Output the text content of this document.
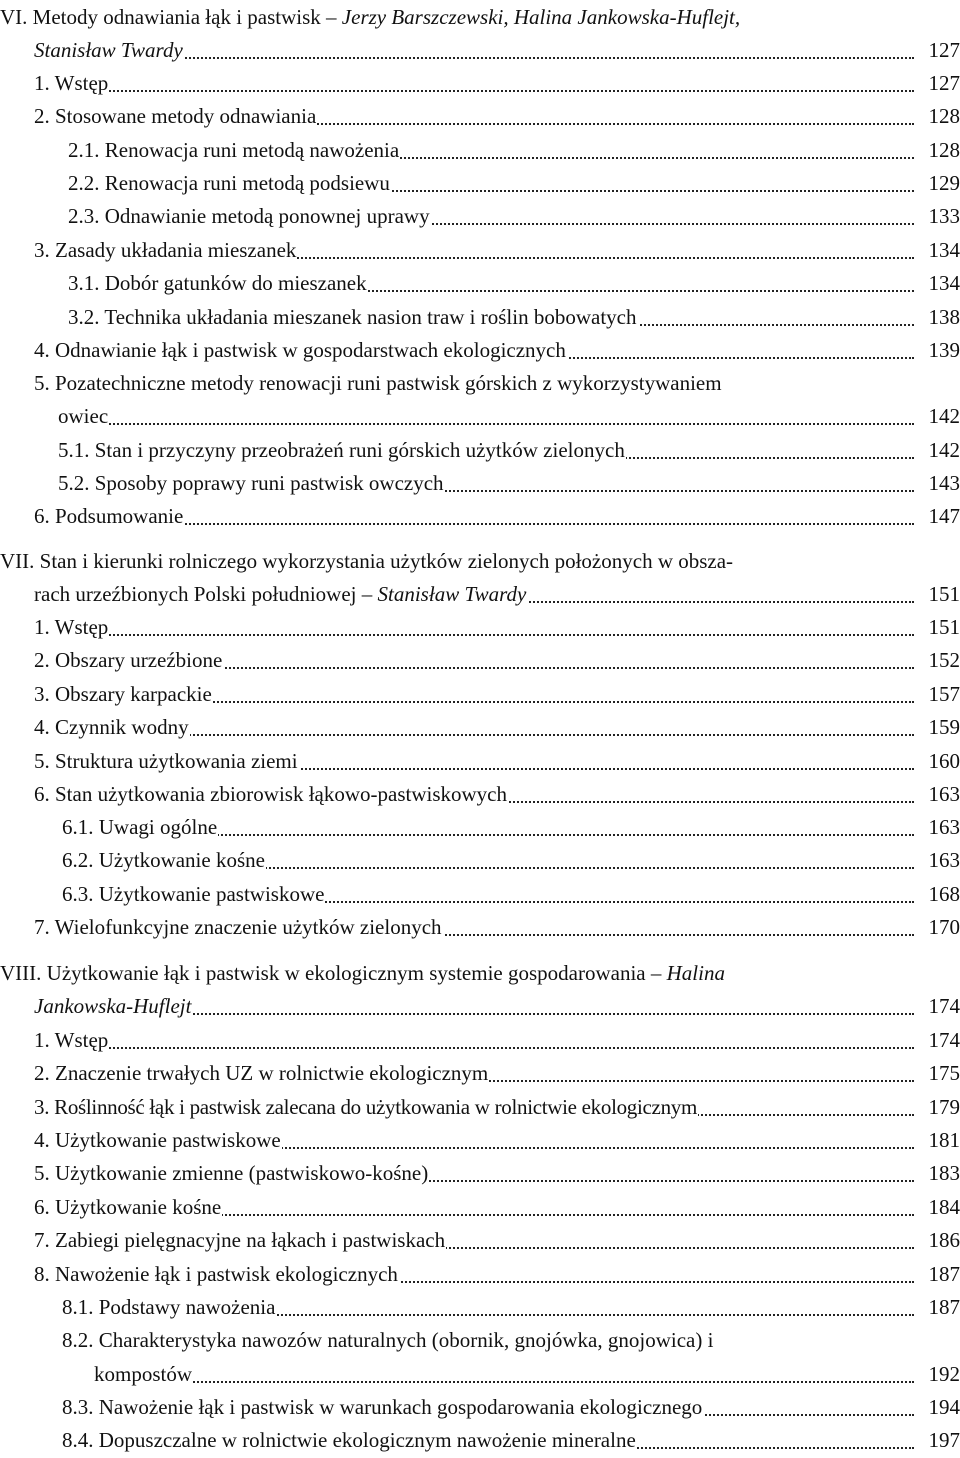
VI. Metody odnawiania łąk i pastwisk – Jerzy Barszczewski, Halina Jankowska-Huflejt,
Stanisław Twardy	127
1. Wstęp	127
2. Stosowane metody odnawiania	128
2.1. Renowacja runi metodą nawożenia	128
2.2. Renowacja runi metodą podsiewu	129
2.3. Odnawianie metodą ponownej uprawy	133
3. Zasady układania mieszanek	134
3.1. Dobór gatunków do mieszanek	134
3.2. Technika układania mieszanek nasion traw i roślin bobowatych	138
4. Odnawianie łąk i pastwisk w gospodarstwach ekologicznych	139
5. Pozatechniczne metody renowacji runi pastwisk górskich z wykorzystywaniem
owiec	142
5.1. Stan i przyczyny przeobrażeń runi górskich użytków zielonych	142
5.2. Sposoby poprawy runi pastwisk owczych	143
6. Podsumowanie	147
VII. Stan i kierunki rolniczego wykorzystania użytków zielonych położonych w obsza-
rach urzeźbionych Polski południowej – Stanisław Twardy	151
1. Wstęp	151
2. Obszary urzeźbione	152
3. Obszary karpackie	157
4. Czynnik wodny	159
5. Struktura użytkowania ziemi	160
6. Stan użytkowania zbiorowisk łąkowo-pastwiskowych	163
6.1. Uwagi ogólne	163
6.2. Użytkowanie kośne	163
6.3. Użytkowanie pastwiskowe	168
7. Wielofunkcyjne znaczenie użytków zielonych	170
VIII. Użytkowanie łąk i pastwisk w ekologicznym systemie gospodarowania – Halina
Jankowska-Huflejt	174
1. Wstęp	174
2. Znaczenie trwałych UZ w rolnictwie ekologicznym	175
3. Roślinność łąk i pastwisk zalecana do użytkowania w rolnictwie ekologicznym	179
4. Użytkowanie pastwiskowe	181
5. Użytkowanie zmienne (pastwiskowo-kośne)	183
6. Użytkowanie kośne	184
7. Zabiegi pielęgnacyjne na łąkach i pastwiskach	186
8. Nawożenie łąk i pastwisk ekologicznych	187
8.1. Podstawy nawożenia	187
8.2. Charakterystyka nawozów naturalnych (obornik, gnojówka, gnojowica) i
kompostów	192
8.3. Nawożenie łąk i pastwisk w warunkach gospodarowania ekologicznego	194
8.4. Dopuszczalne w rolnictwie ekologicznym nawożenie mineralne	197
